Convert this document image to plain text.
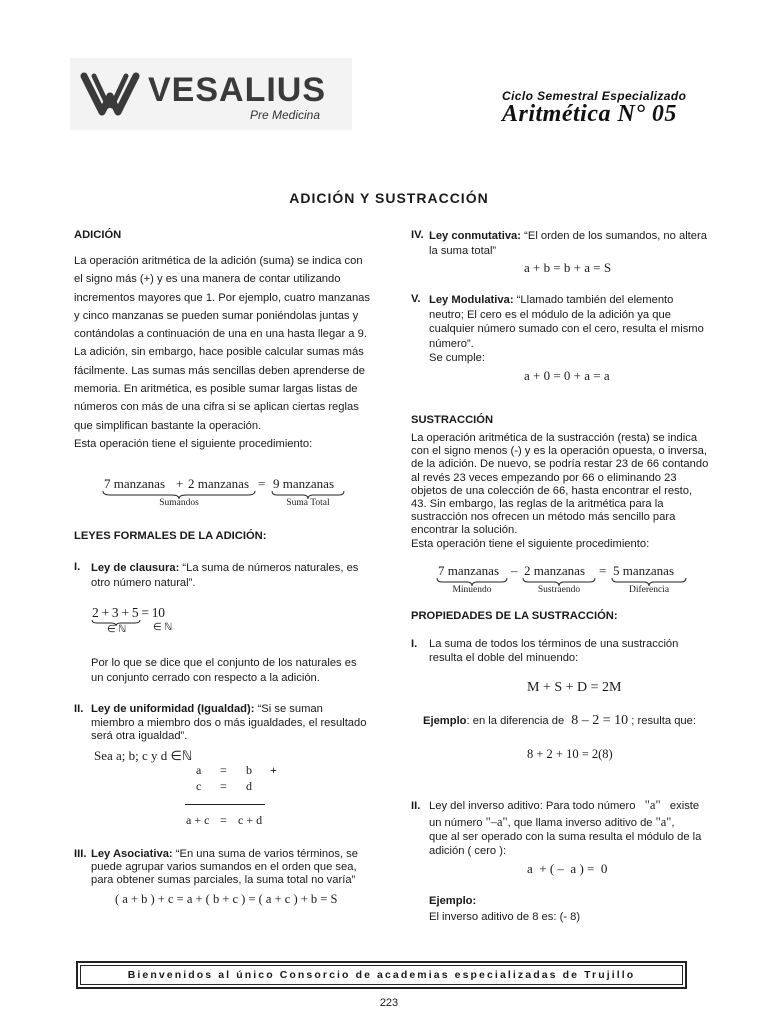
VESALIUS
Pre Medicina
Ciclo Semestral Especializado
Aritmética N° 05
ADICIÓN Y SUSTRACCIÓN
ADICIÓN
La operación aritmética de la adición (suma) se indica con
el signo más (+) y es una manera de contar utilizando
incrementos mayores que 1. Por ejemplo, cuatro manzanas
y cinco manzanas se pueden sumar poniéndolas juntas y
contándolas a continuación de una en una hasta llegar a 9.
La adición, sin embargo, hace posible calcular sumas más
fácilmente. Las sumas más sencillas deben aprenderse de
memoria. En aritmética, es posible sumar largas listas de
números con más de una cifra si se aplican ciertas reglas
que simplifican bastante la operación.
Esta operación tiene el siguiente procedimiento:
7 manzanas + 2 manzanas = 9 manzanas
Sumandos	Suma Total
LEYES FORMALES DE LA ADICIÓN:
I. Ley de clausura: “La suma de números naturales, es
otro número natural”.
2 + 3 + 5 = 10
∈ ℕ	∈ ℕ
Por lo que se dice que el conjunto de los naturales es
un conjunto cerrado con respecto a la adición.
II. Ley de uniformidad (Igualdad): “Si se suman
miembro a miembro dos o más igualdades, el resultado
será otra igualdad”.
Sea a; b; c y d ∈ℕ
a = b +
c = d
a + c = c + d
III. Ley Asociativa: “En una suma de varios términos, se
puede agrupar varios sumandos en el orden que sea,
para obtener sumas parciales, la suma total no varía”
( a + b ) + c = a + ( b + c ) = ( a + c ) + b = S
IV. Ley conmutativa: “El orden de los sumandos, no altera
la suma total”
a + b = b + a = S
V. Ley Modulativa: “Llamado también del elemento
neutro; El cero es el módulo de la adición ya que
cualquier número sumado con el cero, resulta el mismo
número”.
Se cumple:
a + 0 = 0 + a = a
SUSTRACCIÓN
La operación aritmética de la sustracción (resta) se indica
con el signo menos (-) y es la operación opuesta, o inversa,
de la adición. De nuevo, se podría restar 23 de 66 contando
al revés 23 veces empezando por 66 o eliminando 23
objetos de una colección de 66, hasta encontrar el resto,
43. Sin embargo, las reglas de la aritmética para la
sustracción nos ofrecen un método más sencillo para
encontrar la solución.
Esta operación tiene el siguiente procedimiento:
7 manzanas – 2 manzanas = 5 manzanas
Minuendo	Sustraendo	Diferencia
PROPIEDADES DE LA SUSTRACCIÓN:
I. La suma de todos los términos de una sustracción
resulta el doble del minuendo:
M + S + D = 2M
Ejemplo: en la diferencia de 8 – 2 = 10 ; resulta que:
8 + 2 + 10 = 2(8)
II. Ley del inverso aditivo: Para todo número "a" existe
un número "–a", que llama inverso aditivo de "a",
que al ser operado con la suma resulta el módulo de la
adición ( cero ):
a  + ( –  a ) =  0
Ejemplo:
El inverso aditivo de 8 es: (- 8)
Bienvenidos al único Consorcio de academias especializadas de Trujillo
223
